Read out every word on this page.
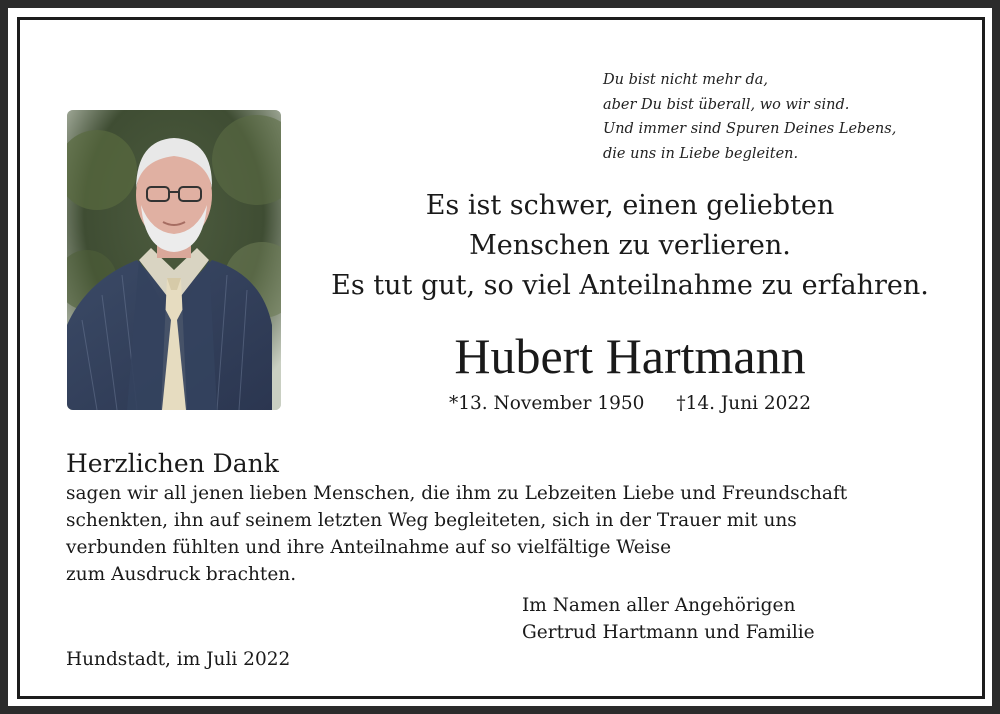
Du bist nicht mehr da,
aber Du bist überall, wo wir sind.
Und immer sind Spuren Deines Lebens,
die uns in Liebe begleiten.
Es ist schwer, einen geliebten
Menschen zu verlieren.
Es tut gut, so viel Anteilnahme zu erfahren.
Hubert Hartmann
*13. November 1950 †14. Juni 2022
Herzlichen Dank
sagen wir all jenen lieben Menschen, die ihm zu Lebzeiten Liebe und Freundschaft
schenkten, ihn auf seinem letzten Weg begleiteten, sich in der Trauer mit uns
verbunden fühlten und ihre Anteilnahme auf so vielfältige Weise
zum Ausdruck brachten.
Im Namen aller Angehörigen
Gertrud Hartmann und Familie
Hundstadt, im Juli 2022
